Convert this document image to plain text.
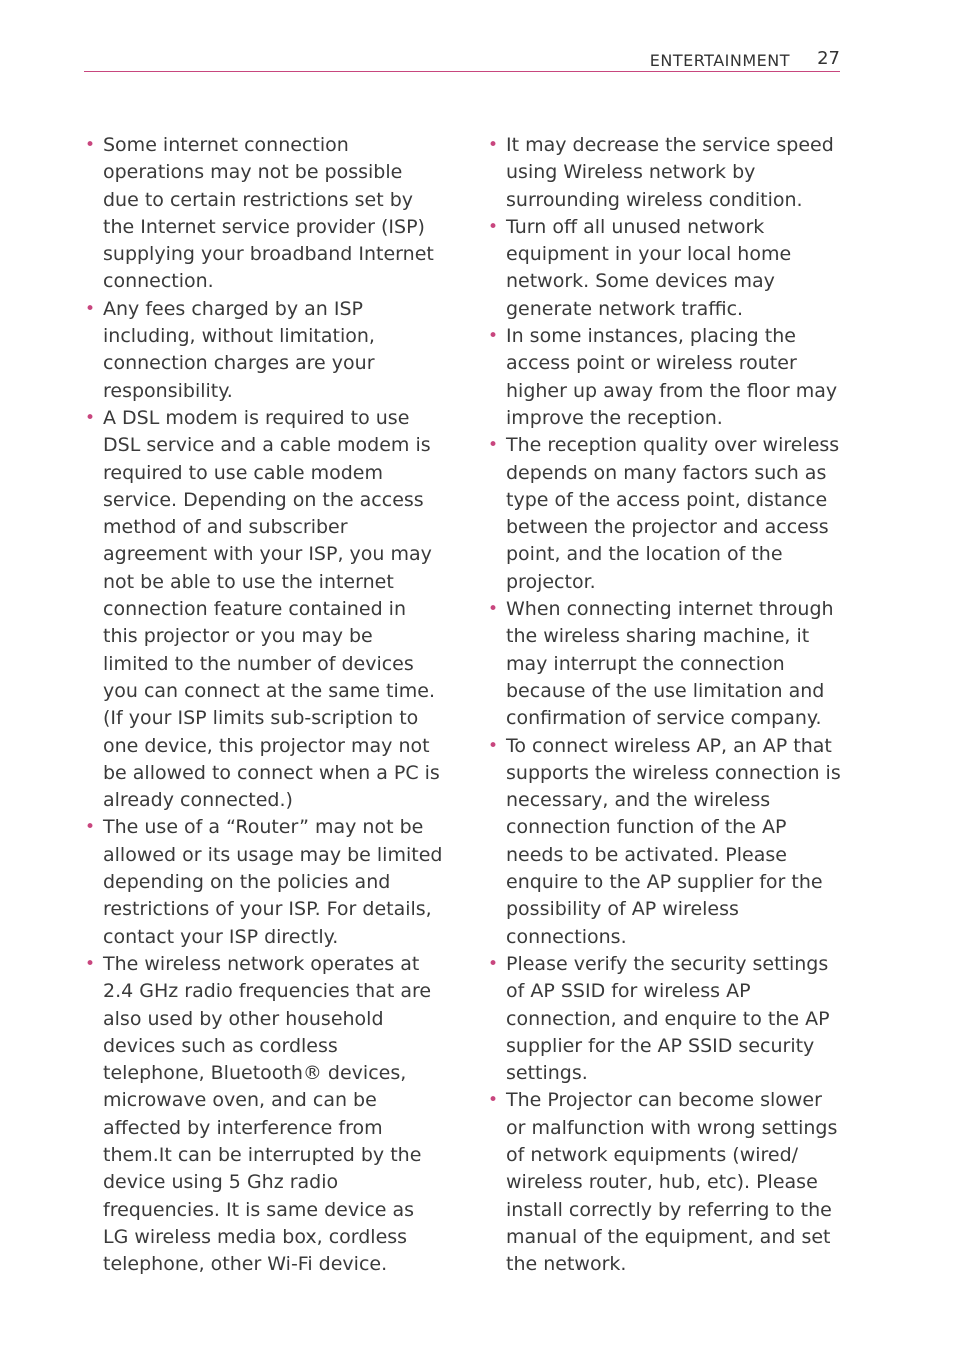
ENTERTAINMENT 27
• Some internet connection operations may not be possible due to certain restrictions set by the Internet service provider (ISP) supplying your broadband Internet connection.
• Any fees charged by an ISP including, without limitation, connection charges are your responsibility.
• A DSL modem is required to use DSL service and a cable modem is required to use cable modem service. Depending on the access method of and subscriber agreement with your ISP, you may not be able to use the internet connection feature contained in this projector or you may be limited to the number of devices you can connect at the same time. (If your ISP limits sub-scription to one device, this projector may not be allowed to connect when a PC is already connected.)
• The use of a “Router” may not be allowed or its usage may be limited depending on the policies and restrictions of your ISP. For details, contact your ISP directly.
• The wireless network operates at 2.4 GHz radio frequencies that are also used by other household devices such as cordless telephone, Bluetooth® devices, microwave oven, and can be affected by interference from them.It can be interrupted by the device using 5 Ghz radio frequencies. It is same device as LG wireless media box, cordless telephone, other Wi-Fi device.
• It may decrease the service speed using Wireless network by surrounding wireless condition.
• Turn off all unused network equipment in your local home network. Some devices may generate network traffic.
• In some instances, placing the access point or wireless router higher up away from the floor may improve the reception.
• The reception quality over wireless depends on many factors such as type of the access point, distance between the projector and access point, and the location of the projector.
• When connecting internet through the wireless sharing machine, it may interrupt the connection because of the use limitation and confirmation of service company.
• To connect wireless AP, an AP that supports the wireless connection is necessary, and the wireless connection function of the AP needs to be activated. Please enquire to the AP supplier for the possibility of AP wireless connections.
• Please verify the security settings of AP SSID for wireless AP connection, and enquire to the AP supplier for the AP SSID security settings.
• The Projector can become slower or malfunction with wrong settings of network equipments (wired/ wireless router, hub, etc). Please install correctly by referring to the manual of the equipment, and set the network.
